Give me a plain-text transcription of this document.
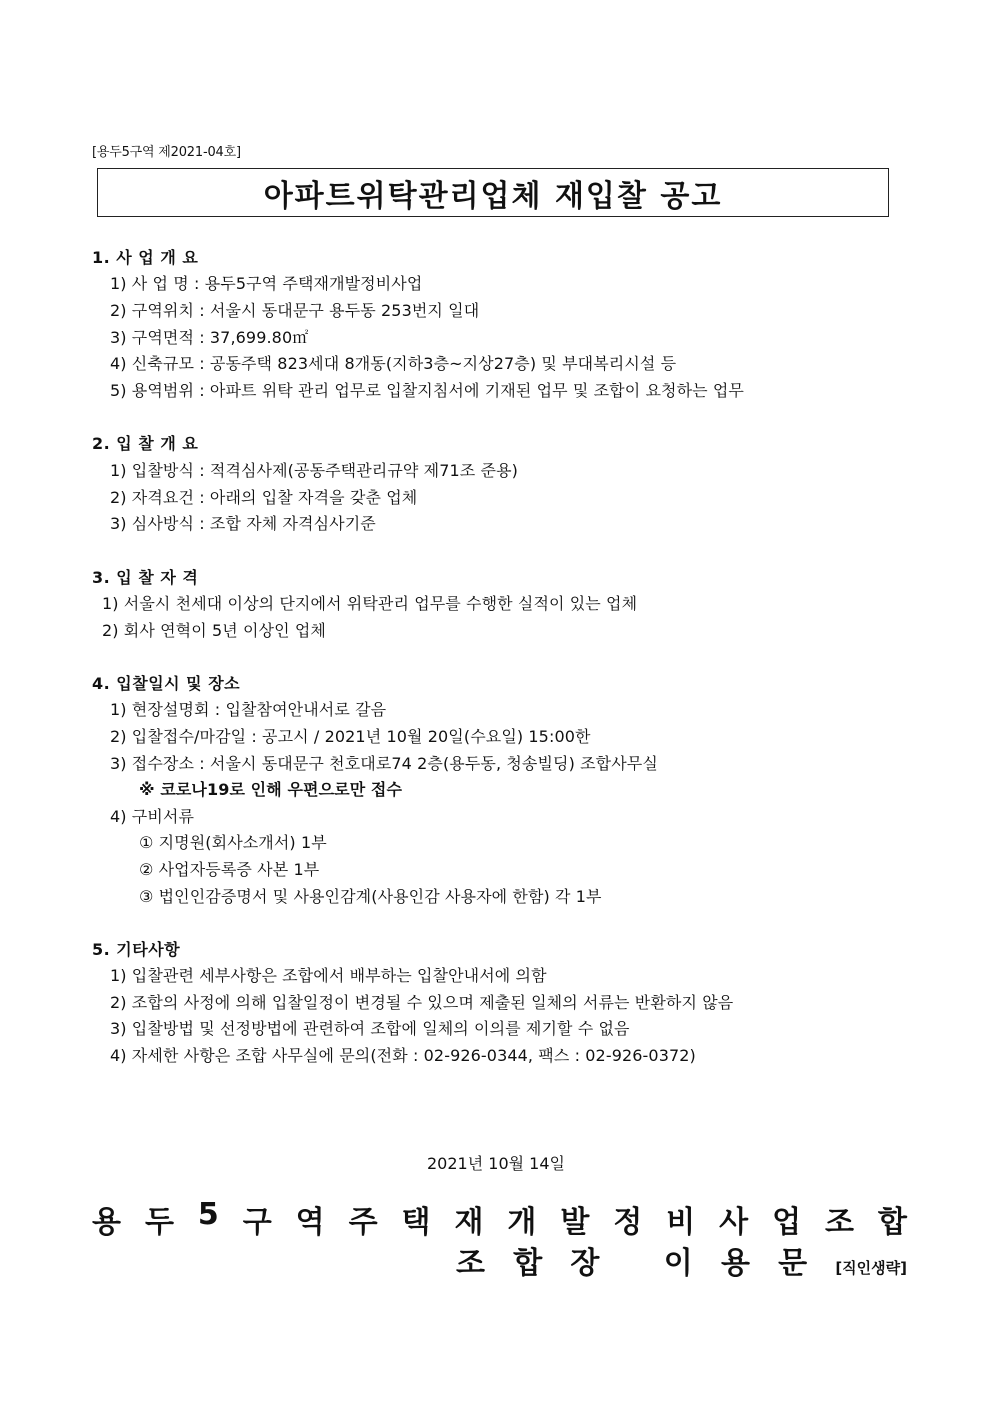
[용두5구역 제2021-04호]
아파트위탁관리업체 재입찰 공고
1. 사 업 개 요
1) 사 업 명 : 용두5구역 주택재개발정비사업
2) 구역위치 : 서울시 동대문구 용두동 253번지 일대
3) 구역면적 : 37,699.80㎡
4) 신축규모 : 공동주택 823세대 8개동(지하3층~지상27층) 및 부대복리시설 등
5) 용역범위 : 아파트 위탁 관리 업무로 입찰지침서에 기재된 업무 및 조합이 요청하는 업무
2. 입 찰 개 요
1) 입찰방식 : 적격심사제(공동주택관리규약 제71조 준용)
2) 자격요건 : 아래의 입찰 자격을 갖춘 업체
3) 심사방식 : 조합 자체 자격심사기준
3. 입 찰 자 격
1) 서울시 천세대 이상의 단지에서 위탁관리 업무를 수행한 실적이 있는 업체
2) 회사 연혁이 5년 이상인 업체
4. 입찰일시 및 장소
1) 현장설명회 : 입찰참여안내서로 갈음
2) 입찰접수/마감일 : 공고시 / 2021년 10월 20일(수요일) 15:00한
3) 접수장소 : 서울시 동대문구 천호대로74 2층(용두동, 청송빌딩) 조합사무실
※ 코로나19로 인해 우편으로만 접수
4) 구비서류
① 지명원(회사소개서) 1부
② 사업자등록증 사본 1부
③ 법인인감증명서 및 사용인감계(사용인감 사용자에 한함) 각 1부
5. 기타사항
1) 입찰관련 세부사항은 조합에서 배부하는 입찰안내서에 의함
2) 조합의 사정에 의해 입찰일정이 변경될 수 있으며 제출된 일체의 서류는 반환하지 않음
3) 입찰방법 및 선정방법에 관련하여 조합에 일체의 이의를 제기할 수 없음
4) 자세한 사항은 조합 사무실에 문의(전화 : 02-926-0344, 팩스 : 02-926-0372)
2021년 10월 14일
용 두 5 구 역 주 택 재 개 발 정 비 사 업 조 합
조 합 장 이 용 문 [직인생략]
